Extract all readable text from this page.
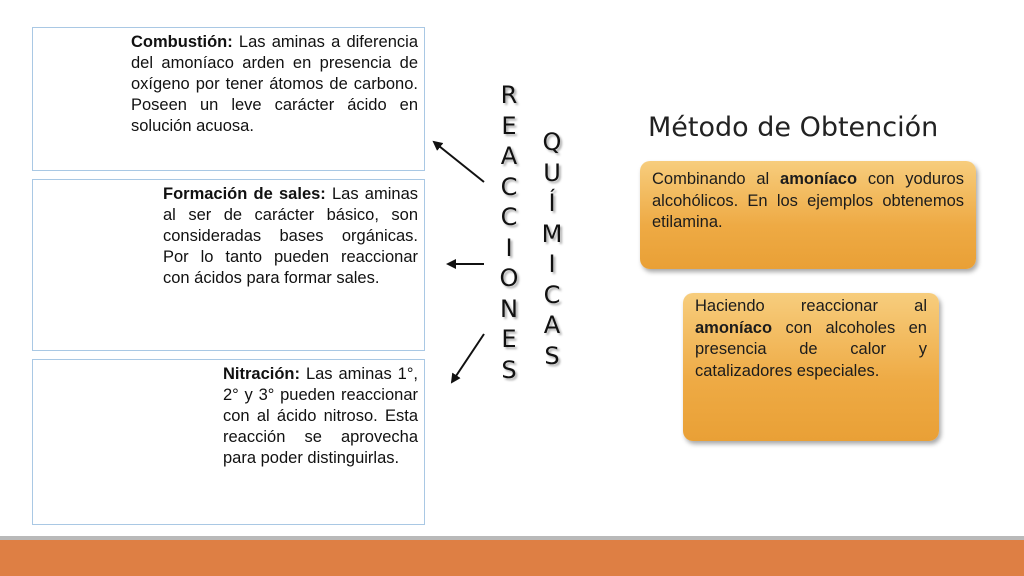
Combustión: Las aminas a diferencia del amoníaco arden en presencia de oxígeno por tener átomos de carbono. Poseen un leve carácter ácido en solución acuosa.
Formación de sales: Las aminas al ser de carácter básico, son consideradas bases orgánicas. Por lo tanto pueden reaccionar con ácidos para formar sales.
Nitración: Las aminas 1°, 2° y 3° pueden reaccionar con al ácido nitroso. Esta reacción se aprovecha para poder distinguirlas.
R
E
A
C
C
I
O
N
E
S
Q
U
Í
M
I
C
A
S
Método de Obtención
Combinando al amoníaco con yoduros alcohólicos. En los ejemplos obtenemos etilamina.
Haciendo reaccionar al amoníaco con alcoholes en presencia de calor y catalizadores especiales.
